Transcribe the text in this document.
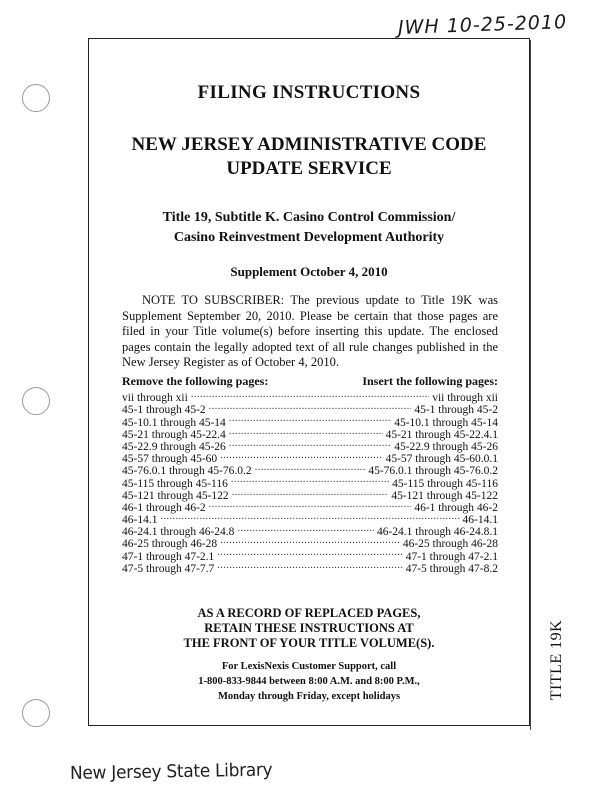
JWH 10-25-2010
TITLE 19K
FILING INSTRUCTIONS
NEW JERSEY ADMINISTRATIVE CODE
UPDATE SERVICE
Title 19, Subtitle K. Casino Control Commission/
Casino Reinvestment Development Authority
Supplement October 4, 2010
NOTE TO SUBSCRIBER: The previous update to Title 19K was Supplement September 20, 2010. Please be certain that those pages are filed in your Title volume(s) before inserting this update. The enclosed pages contain the legally adopted text of all rule changes published in the New Jersey Register as of October 4, 2010.
Remove the following pages:	Insert the following pages:
vii through xii .....	vii through xii
45-1 through 45-2 .....	45-1 through 45-2
45-10.1 through 45-14 .....	45-10.1 through 45-14
45-21 through 45-22.4 .....	45-21 through 45-22.4.1
45-22.9 through 45-26 .....	45-22.9 through 45-26
45-57 through 45-60 .....	45-57 through 45-60.0.1
45-76.0.1 through 45-76.0.2 .....	45-76.0.1 through 45-76.0.2
45-115 through 45-116 .....	45-115 through 45-116
45-121 through 45-122 .....	45-121 through 45-122
46-1 through 46-2 .....	46-1 through 46-2
46-14.1 .....	46-14.1
46-24.1 through 46-24.8 .....	46-24.1 through 46-24.8.1
46-25 through 46-28 .....	46-25 through 46-28
47-1 through 47-2.1 .....	47-1 through 47-2.1
47-5 through 47-7.7 .....	47-5 through 47-8.2
AS A RECORD OF REPLACED PAGES,
RETAIN THESE INSTRUCTIONS AT
THE FRONT OF YOUR TITLE VOLUME(S).
For LexisNexis Customer Support, call
1-800-833-9844 between 8:00 A.M. and 8:00 P.M.,
Monday through Friday, except holidays
New Jersey State Library
